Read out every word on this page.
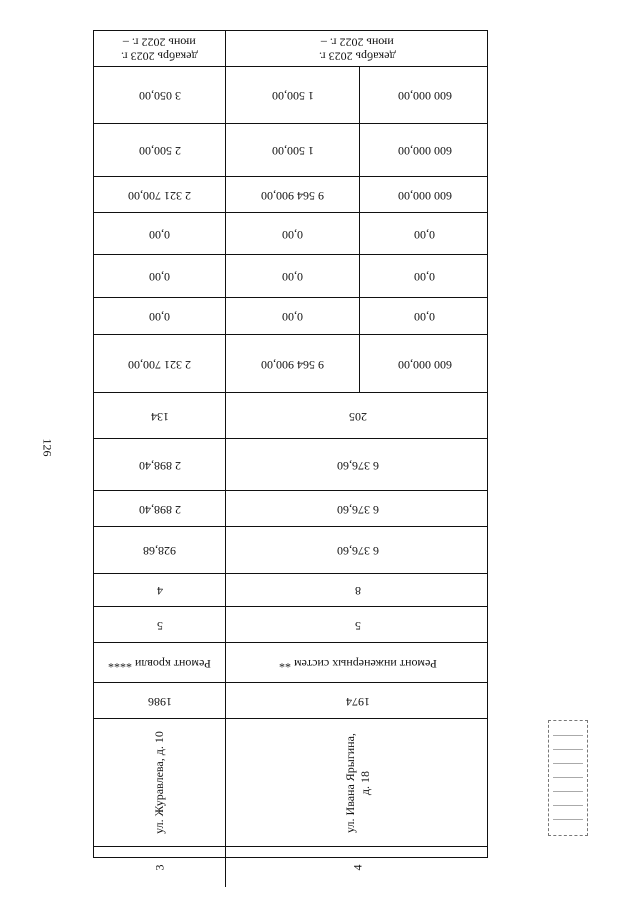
126
декабрь 2023 г.
июнь 2022 г. –
декабрь 2023 г.
июнь 2022 г. –
3 050,00	1 500,00	600 000,00
2 500,00	1 500,00	600 000,00
2 321 700,00	9 564 900,00	600 000,00
0,00	0,00	0,00
0,00	0,00	0,00
0,00	0,00	0,00
2 321 700,00	9 564 900,00	600 000,00
134	205
2 898,40	6 376,60
2 898,40	6 376,60
928,68	6 376,60
4	8
5	5
Ремонт кровли ****	Ремонт инженерных систем **
1986	1974
ул. Журавлева, д. 10	ул. Ивана Ярыгина,
д. 18
3	4
